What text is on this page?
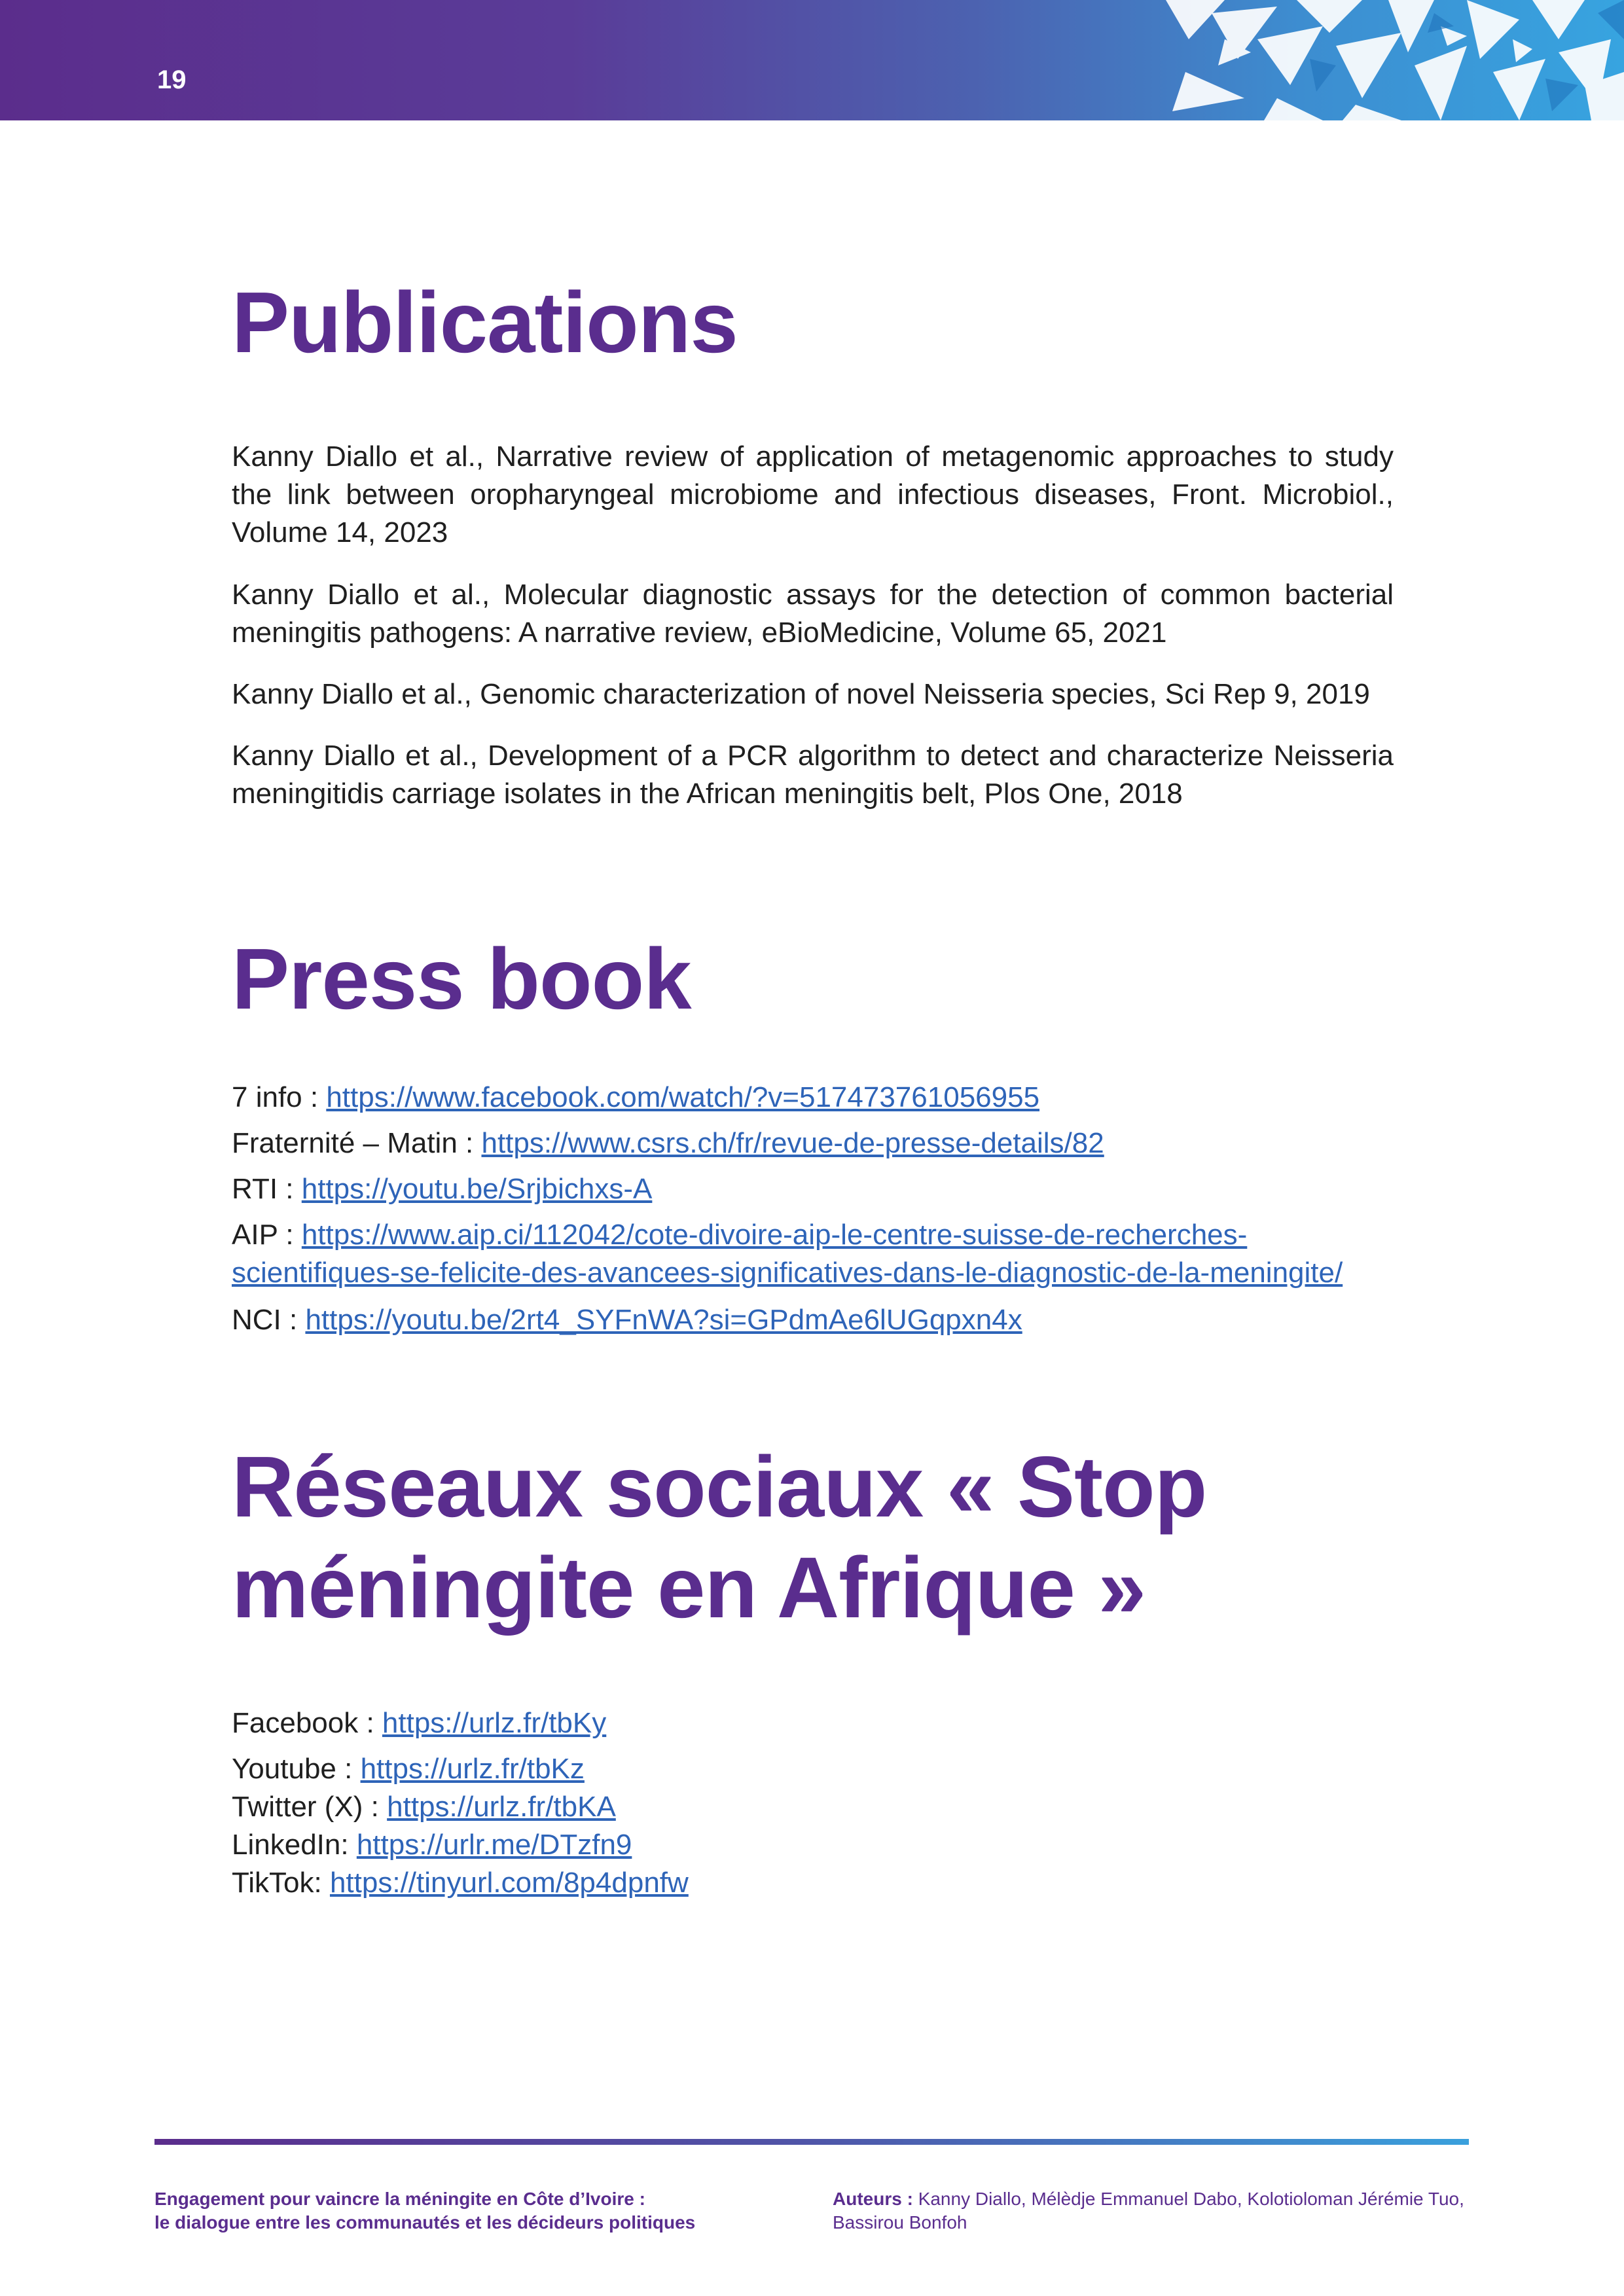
19
Publications

Kanny Diallo et al., Narrative review of application of metagenomic approaches to study the link between oropharyngeal microbiome and infectious diseases, Front. Microbiol., Volume 14, 2023

Kanny Diallo et al., Molecular diagnostic assays for the detection of common bacterial meningitis pathogens: A narrative review, eBioMedicine, Volume 65, 2021

Kanny Diallo et al., Genomic characterization of novel Neisseria species, Sci Rep 9, 2019

Kanny Diallo et al., Development of a PCR algorithm to detect and characterize Neisseria meningitidis carriage isolates in the African meningitis belt, Plos One, 2018

Press book
7 info : https://www.facebook.com/watch/?v=517473761056955
Fraternité – Matin : https://www.csrs.ch/fr/revue-de-presse-details/82
RTI : https://youtu.be/Srjbichxs-A
AIP : https://www.aip.ci/112042/cote-divoire-aip-le-centre-suisse-de-recherches-scientifiques-se-felicite-des-avancees-significatives-dans-le-diagnostic-de-la-meningite/
NCI : https://youtu.be/2rt4_SYFnWA?si=GPdmAe6lUGqpxn4x
Réseaux sociaux « Stop
méningite en Afrique »
Facebook : https://urlz.fr/tbKy
Youtube : https://urlz.fr/tbKz
Twitter (X) : https://urlz.fr/tbKA
LinkedIn: https://urlr.me/DTzfn9
TikTok: https://tinyurl.com/8p4dpnfw
Engagement pour vaincre la méningite en Côte d’Ivoire :
le dialogue entre les communautés et les décideurs politiques
Auteurs : Kanny Diallo, Mélèdje Emmanuel Dabo, Kolotioloman Jérémie Tuo, Bassirou Bonfoh
